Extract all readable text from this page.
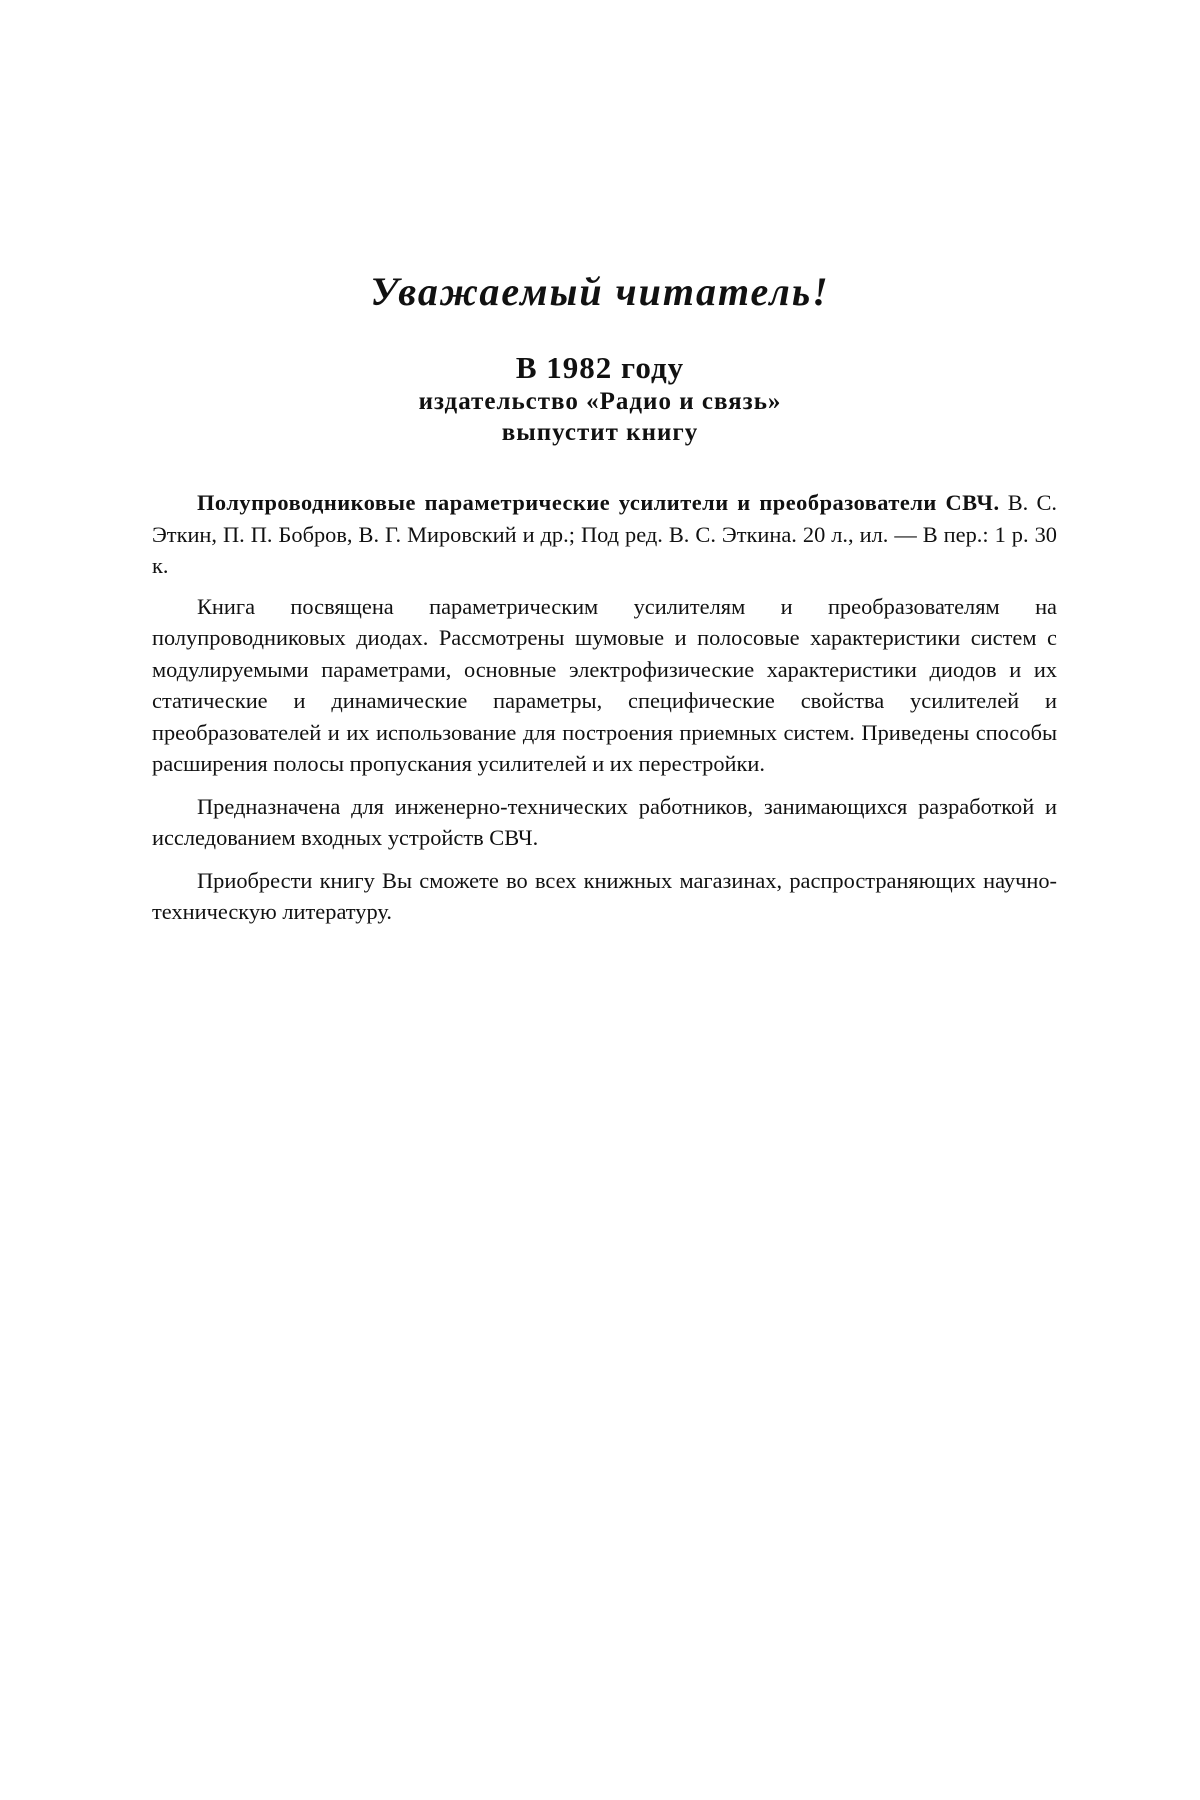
Уважаемый читатель!
В 1982 году
издательство «Радио и связь»
выпустит книгу

Полупроводниковые параметрические усилители и преобразователи СВЧ. В. С. Эткин, П. П. Бобров, В. Г. Мировский и др.; Под ред. В. С. Эткина. 20 л., ил. — В пер.: 1 р. 30 к.

Книга посвящена параметрическим усилителям и преобразователям на полупроводниковых диодах. Рассмотрены шумовые и полосовые характеристики систем с модулируемыми параметрами, основные электрофизические характеристики диодов и их статические и динамические параметры, специфические свойства усилителей и преобразователей и их использование для построения приемных систем. Приведены способы расширения полосы пропускания усилителей и их перестройки.

Предназначена для инженерно-технических работников, занимающихся разработкой и исследованием входных устройств СВЧ.

Приобрести книгу Вы сможете во всех книжных магазинах, распространяющих научно-техническую литературу.
